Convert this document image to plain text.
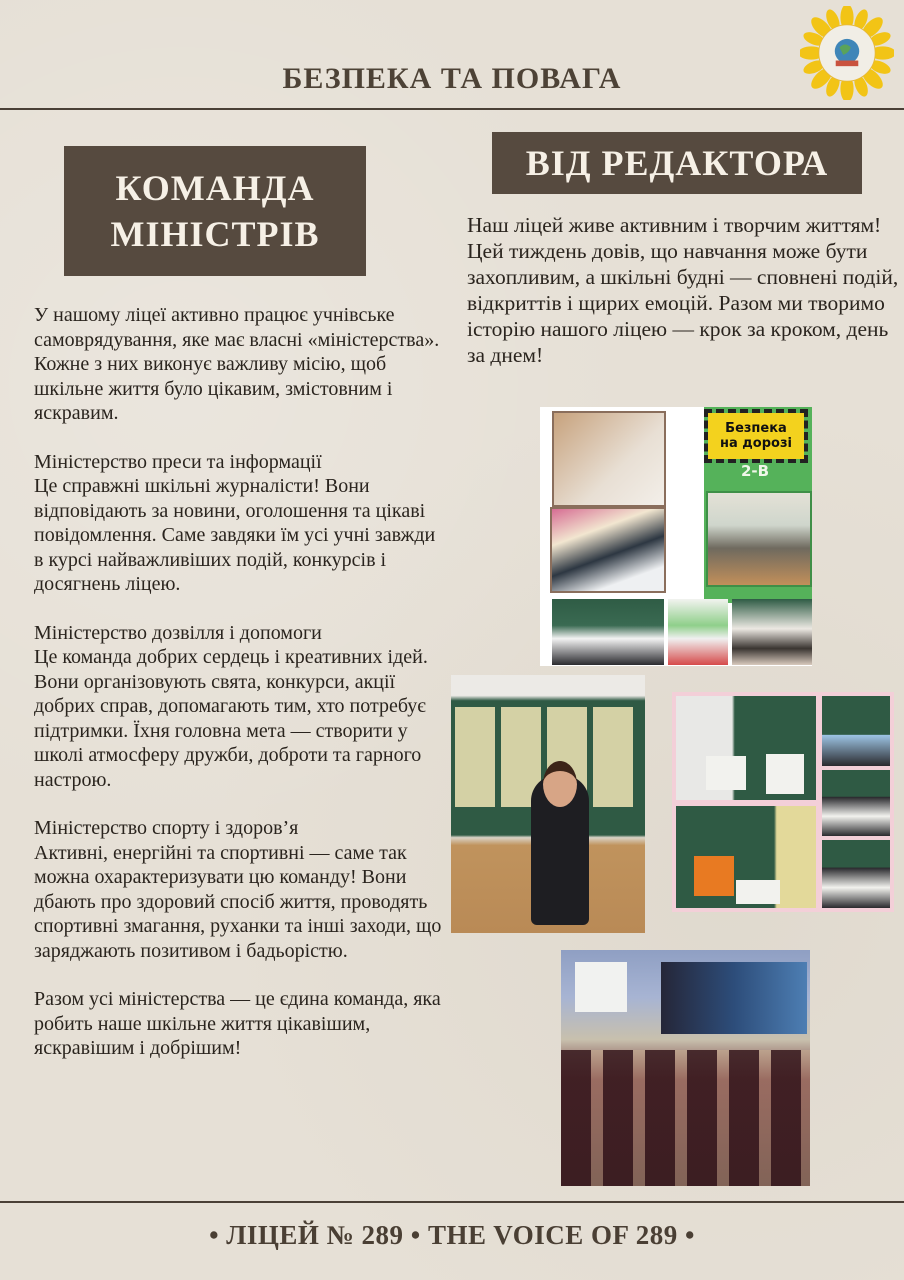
БЕЗПЕКА ТА ПОВАГА
КОМАНДА
МІНІСТРІВ

У нашому ліцеї активно працює учнівське самоврядування, яке має власні «міністерства». Кожне з них виконує важливу місію, щоб шкільне життя було цікавим, змістовним і яскравим.

Міністерство преси та інформації
Це справжні шкільні журналісти! Вони відповідають за новини, оголошення та цікаві повідомлення. Саме завдяки їм усі учні завжди в курсі найважливіших подій, конкурсів і досягнень ліцею.

Міністерство дозвілля і допомоги
Це команда добрих сердець і креативних ідей. Вони організовують свята, конкурси, акції добрих справ, допомагають тим, хто потребує підтримки. Їхня головна мета — створити у школі атмосферу дружби, доброти та гарного настрою.

Міністерство спорту і здоров’я
Активні, енергійні та спортивні — саме так можна охарактеризувати цю команду! Вони дбають про здоровий спосіб життя, проводять спортивні змагання, руханки та інші заходи, що заряджають позитивом і бадьорістю.

Разом усі міністерства — це єдина команда, яка робить наше шкільне життя цікавішим, яскравішим і добрішим!

ВІД РЕДАКТОРА
Наш ліцей живе активним і творчим життям! Цей тиждень довів, що навчання може бути захопливим, а шкільні будні — сповнені подій, відкриттів і щирих емоцій. Разом ми творимо історію нашого ліцею — крок за кроком, день за днем!
Безпека
на дорозі
2-В
• ЛІЦЕЙ № 289 • THE VOICE OF 289 •
